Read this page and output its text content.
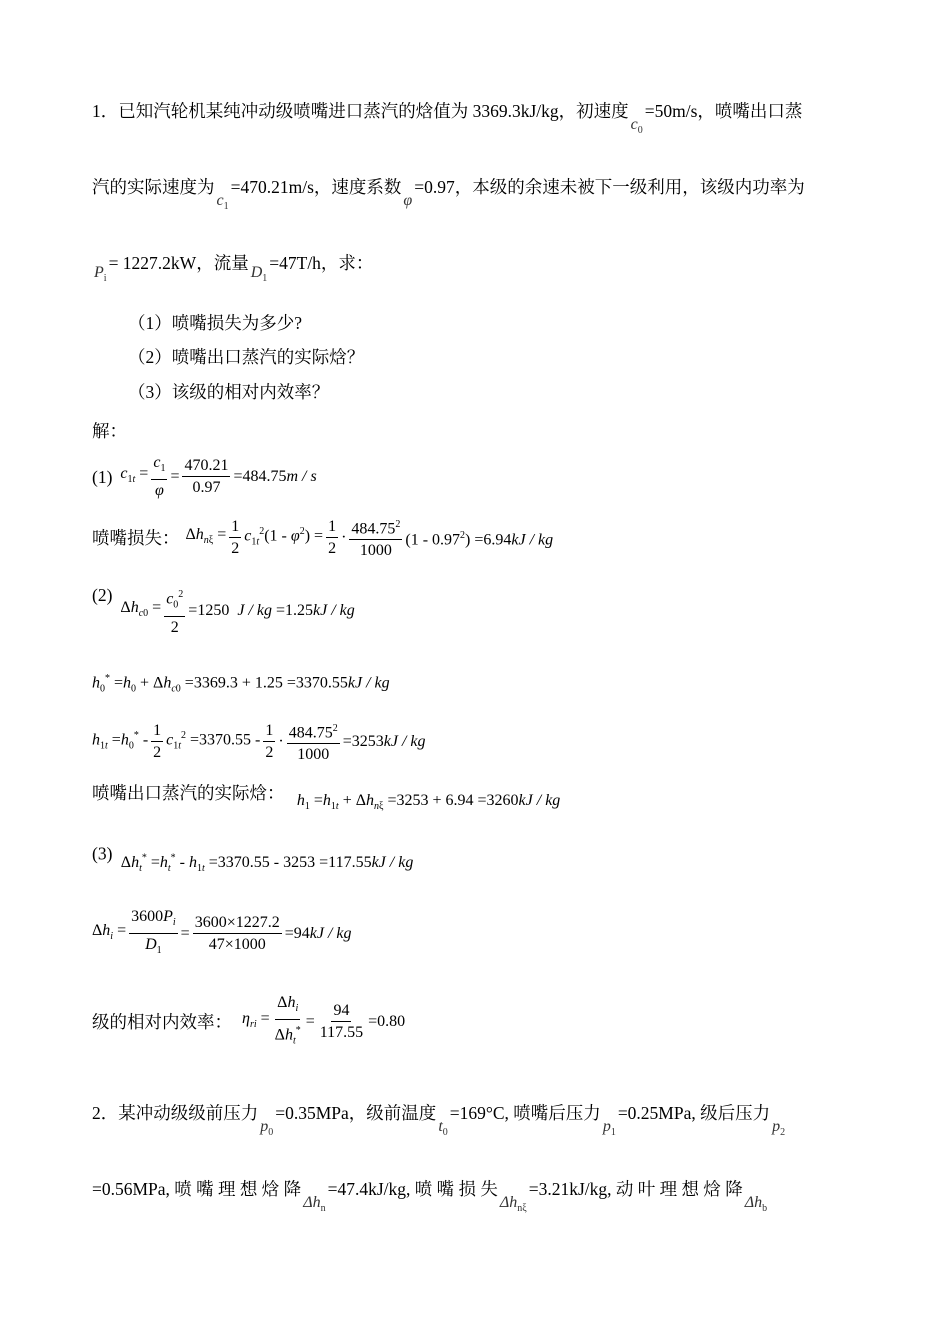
1．已知汽轮机某纯冲动级喷嘴进口蒸汽的焓值为 3369.3kJ/kg，初速度$c_0=50m/s$，喷嘴出口蒸
汽的实际速度为$c_1=470.21m/s$，速度系数φ=0.97，本级的余速未被下一级利用，该级内功率为
$P_i= 1227.2kW$，流量 $D_1=47T/h$，求：
（1）喷嘴损失为多少?
（2）喷嘴出口蒸汽的实际焓？
（3）该级的相对内效率？
解：
(1) $c_{1t} = \frac{c_1}{\varphi} = \frac{470.21}{0.97} =484.75m / s$
喷嘴损失： $\Delta h_{n\xi} = \frac{1}{2} c_{1t}^2(1 - \varphi^2) = \frac{1}{2} \cdot \frac{484.75^2}{1000} (1 - 0.97^2) =6.94kJ$ / kg
(2)
$\Delta h_{c0} = \frac{c_0^2}{2} =1250$  J / kg =1.25kJ / kg
$h_0^* =h_0 + \Delta h_{c0} =3369.3 + 1.25 =3370.55kJ$ / kg
$h_{1t} =h_0^* - \frac{1}{2} c_{1t}^2 =3370.55 - \frac{1}{2} \cdot \frac{484.75^2}{1000} =3253kJ$ / kg
喷嘴出口蒸汽的实际焓： $h_1 =h_{1t} + \Delta h_{n\xi} =3253 + 6.94 =3260kJ$ / kg
(3) $\Delta h_t^* =h_t^* - h_{1t} =3370.55 - 3253 =117.55kJ$ / kg
$\Delta h_i = \frac{3600P_i}{D_1} = \frac{3600\times 1227.2}{47\times 1000} =94kJ$ / kg
级的相对内效率： $\eta_{ri} = \frac{\Delta h_i}{\Delta h_t^*} = \frac{94}{117.55} =0.80$
2．某冲动级级前压力$p_0=0.35MPa$，级前温度$t_0=169^\circ C$, 喷嘴后压力$p_1=0.25MPa$, 级后压力$p_2$
=0.56MPa, 喷 嘴 理 想 焓 降$\Delta h_n=47.4kJ/kg$, 喷 嘴 损 失$\Delta h_{n\xi}=3.21kJ/kg$, 动 叶 理 想 焓 降$\Delta h_b$
